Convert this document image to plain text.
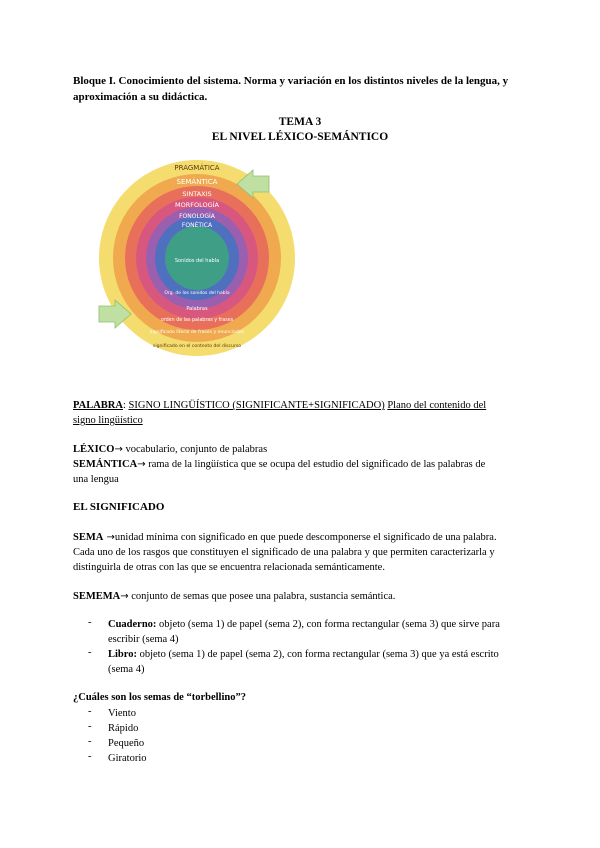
Bloque I. Conocimiento del sistema. Norma y variación en los distintos niveles de la lengua, y
aproximación a su didáctica.
TEMA 3
EL NIVEL LÉXICO-SEMÁNTICO
PRAGMÁTICA
SEMÁNTICA
SINTAXIS
MORFOLOGÍA
FONOLOGÍA
FONÉTICA
Sonidos del habla
Org. de los sonidos del habla
Palabras
orden de las palabras y frases
significado literal de frases y enunciados
significado en el contexto del discurso
PALABRA: SIGNO LINGÜÍSTICO (SIGNIFICANTE+SIGNIFICADO) Plano del contenido del
signo lingüístico
LÉXICO→ vocabulario, conjunto de palabras
SEMÁNTICA→ rama de la lingüística que se ocupa del estudio del significado de las palabras de
una lengua
EL SIGNIFICADO
SEMA →unidad mínima con significado en que puede descomponerse el significado de una palabra.
Cada uno de los rasgos que constituyen el significado de una palabra y que permiten caracterizarla y
distinguirla de otras con las que se encuentra relacionada semánticamente.
SEMEMA→ conjunto de semas que posee una palabra, sustancia semántica.
- Cuaderno: objeto (sema 1) de papel (sema 2), con forma rectangular (sema 3) que sirve para
escribir (sema 4)
- Libro: objeto (sema 1) de papel (sema 2), con forma rectangular (sema 3) que ya está escrito
(sema 4)
¿Cuáles son los semas de “torbellino”?
- Viento
- Rápido
- Pequeño
- Giratorio
